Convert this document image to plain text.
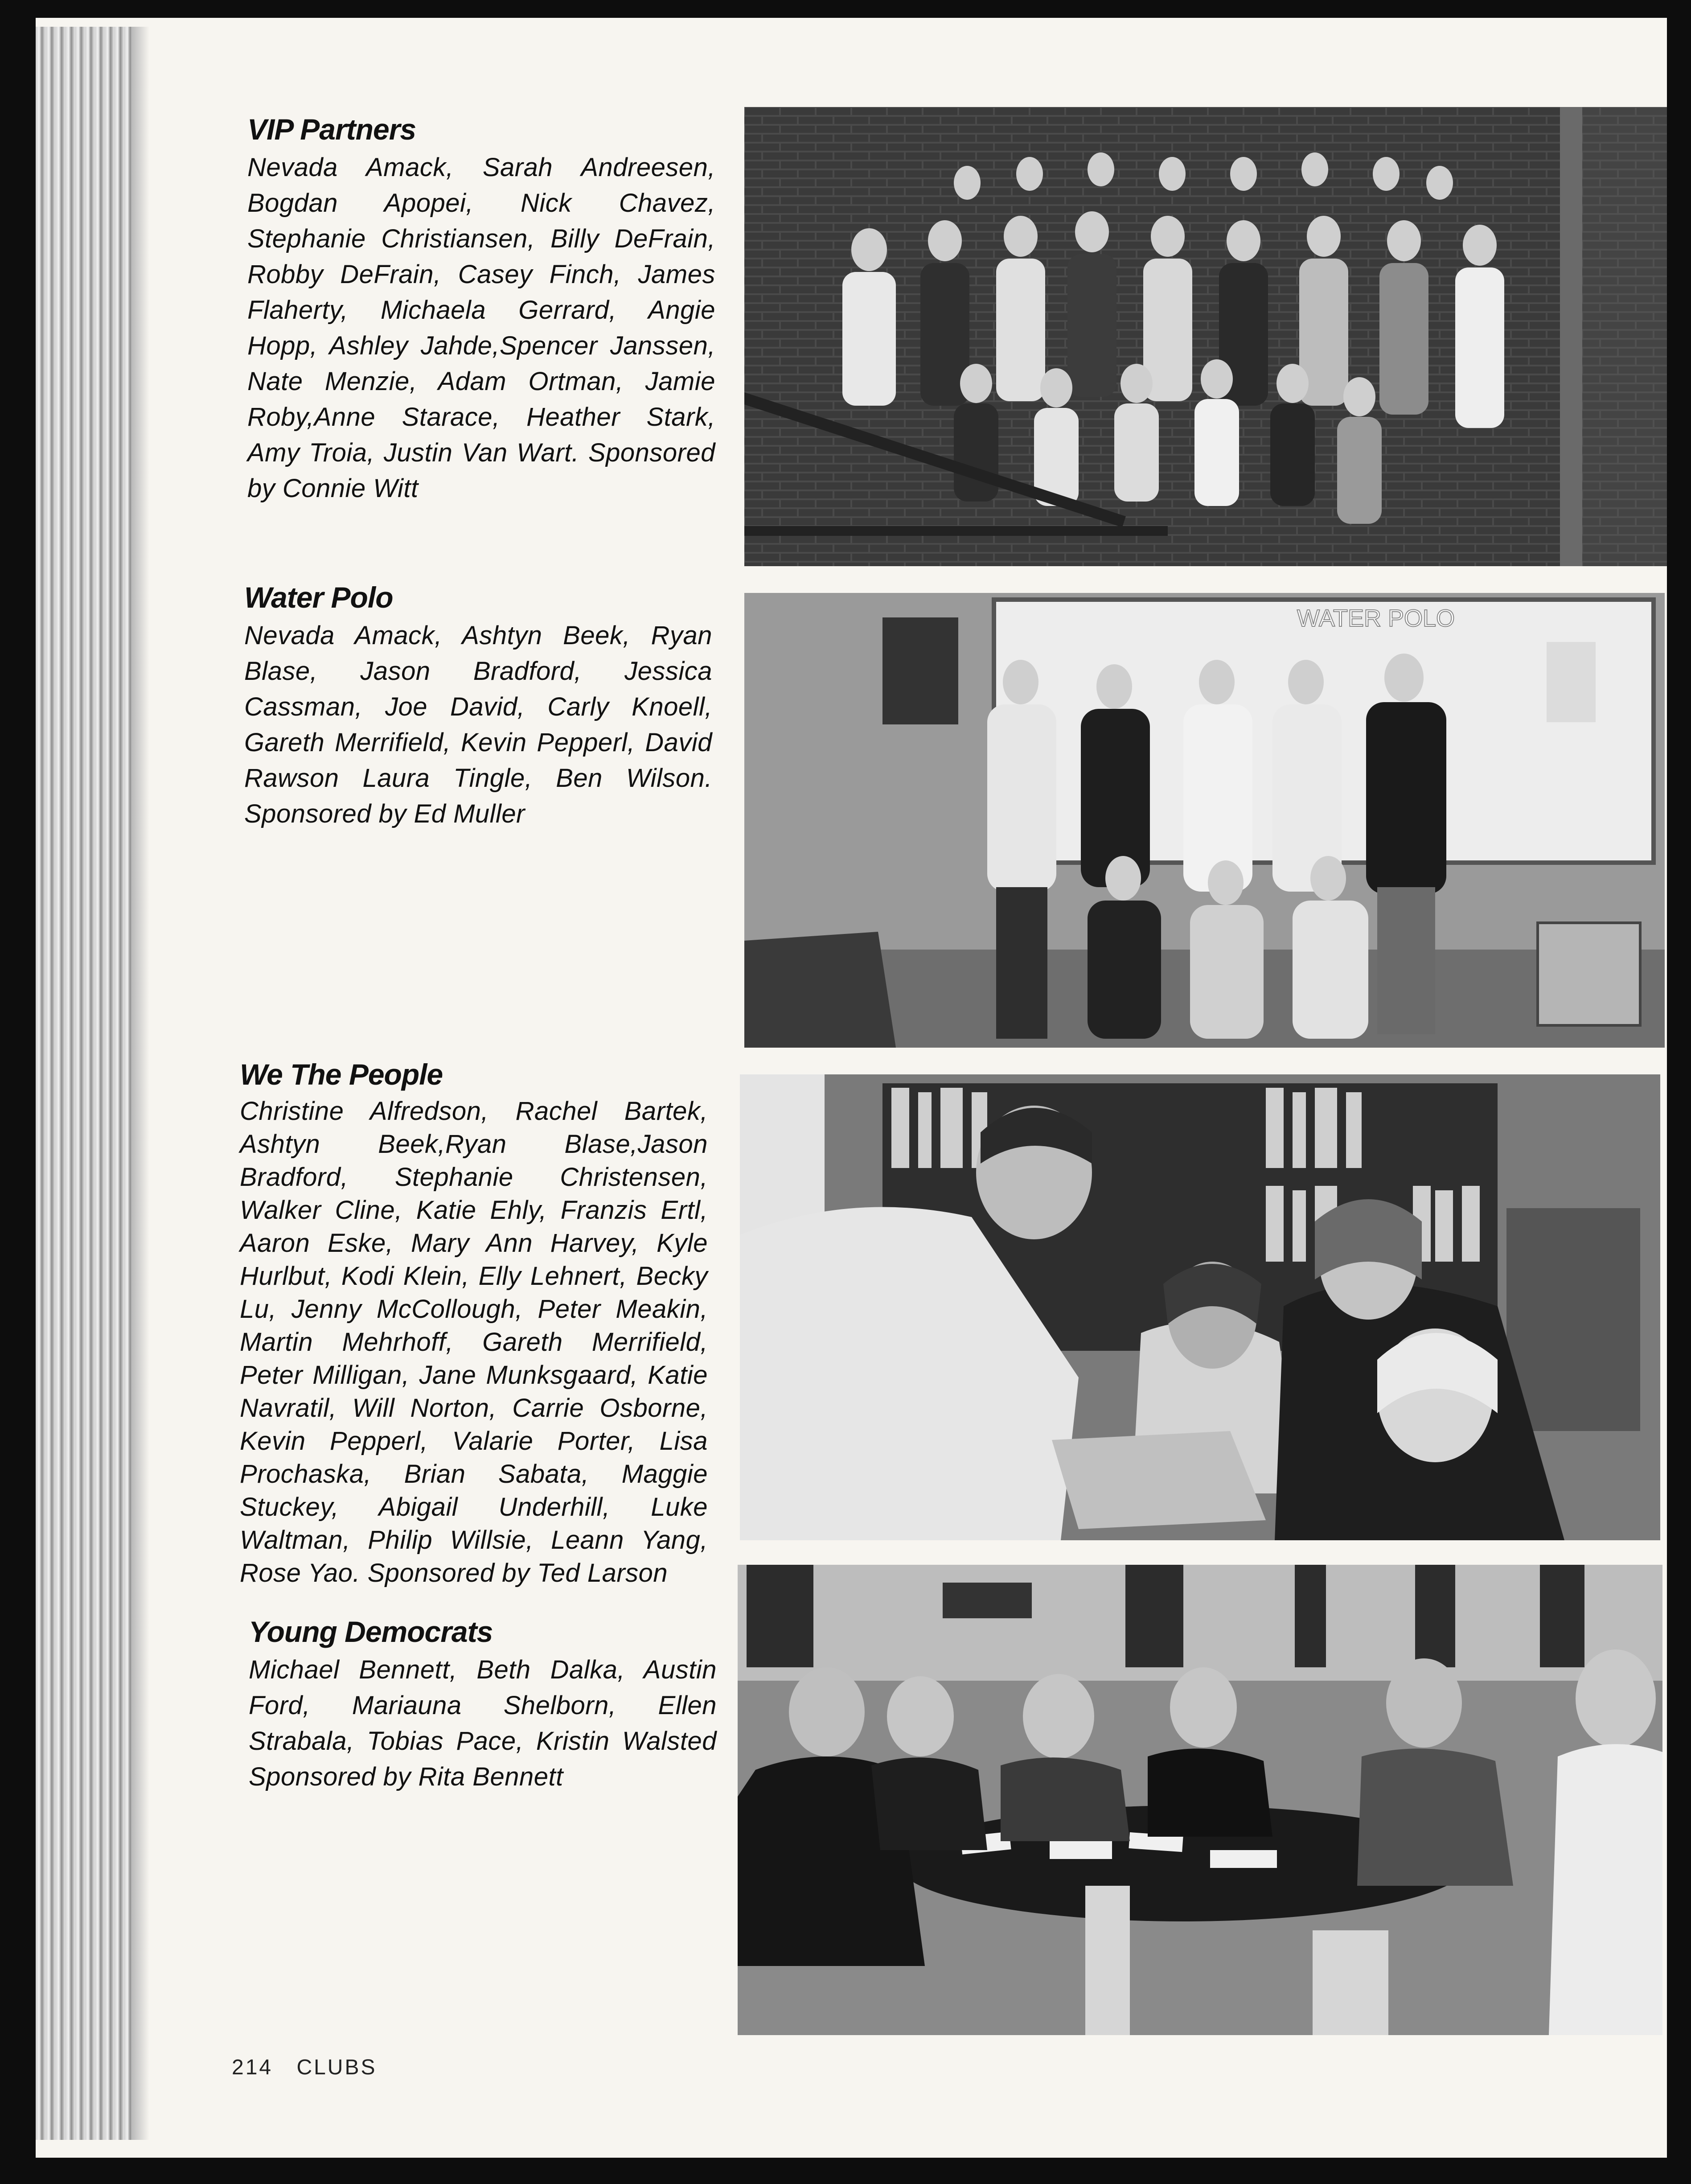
VIP Partners

Nevada Amack, Sarah Andreesen, Bogdan Apopei, Nick Chavez, Stephanie Christiansen, Billy DeFrain, Robby DeFrain, Casey Finch, James Flaherty, Michaela Gerrard, Angie Hopp, Ashley Jahde,Spencer Janssen, Nate Menzie, Adam Ortman, Jamie Roby,Anne Starace, Heather Stark, Amy Troia, Justin Van Wart. Sponsored by Connie Witt

Water Polo

Nevada Amack, Ashtyn Beek, Ryan Blase, Jason Bradford, Jessica Cassman, Joe David, Carly Knoell, Gareth Merrifield, Kevin Pepperl, David Rawson Laura Tingle, Ben Wilson. Sponsored by Ed Muller

We The People

Christine Alfredson, Rachel Bartek, Ashtyn Beek,Ryan Blase,Jason Bradford, Stephanie Christensen, Walker Cline, Katie Ehly, Franzis Ertl, Aaron Eske, Mary Ann Harvey, Kyle Hurlbut, Kodi Klein, Elly Lehnert, Becky Lu, Jenny McCollough, Peter Meakin, Martin Mehrhoff, Gareth Merrifield, Peter Milligan, Jane Munksgaard, Katie Navratil, Will Norton, Carrie Osborne, Kevin Pepperl, Valarie Porter, Lisa Prochaska, Brian Sabata, Maggie Stuckey, Abigail Underhill, Luke Waltman, Philip Willsie, Leann Yang, Rose Yao. Sponsored by Ted Larson

Young Democrats

Michael Bennett, Beth Dalka, Austin Ford, Mariauna Shelborn, Ellen Strabala, Tobias Pace, Kristin Walsted Sponsored by Rita Bennett

WATER POLO
214 CLUBS
